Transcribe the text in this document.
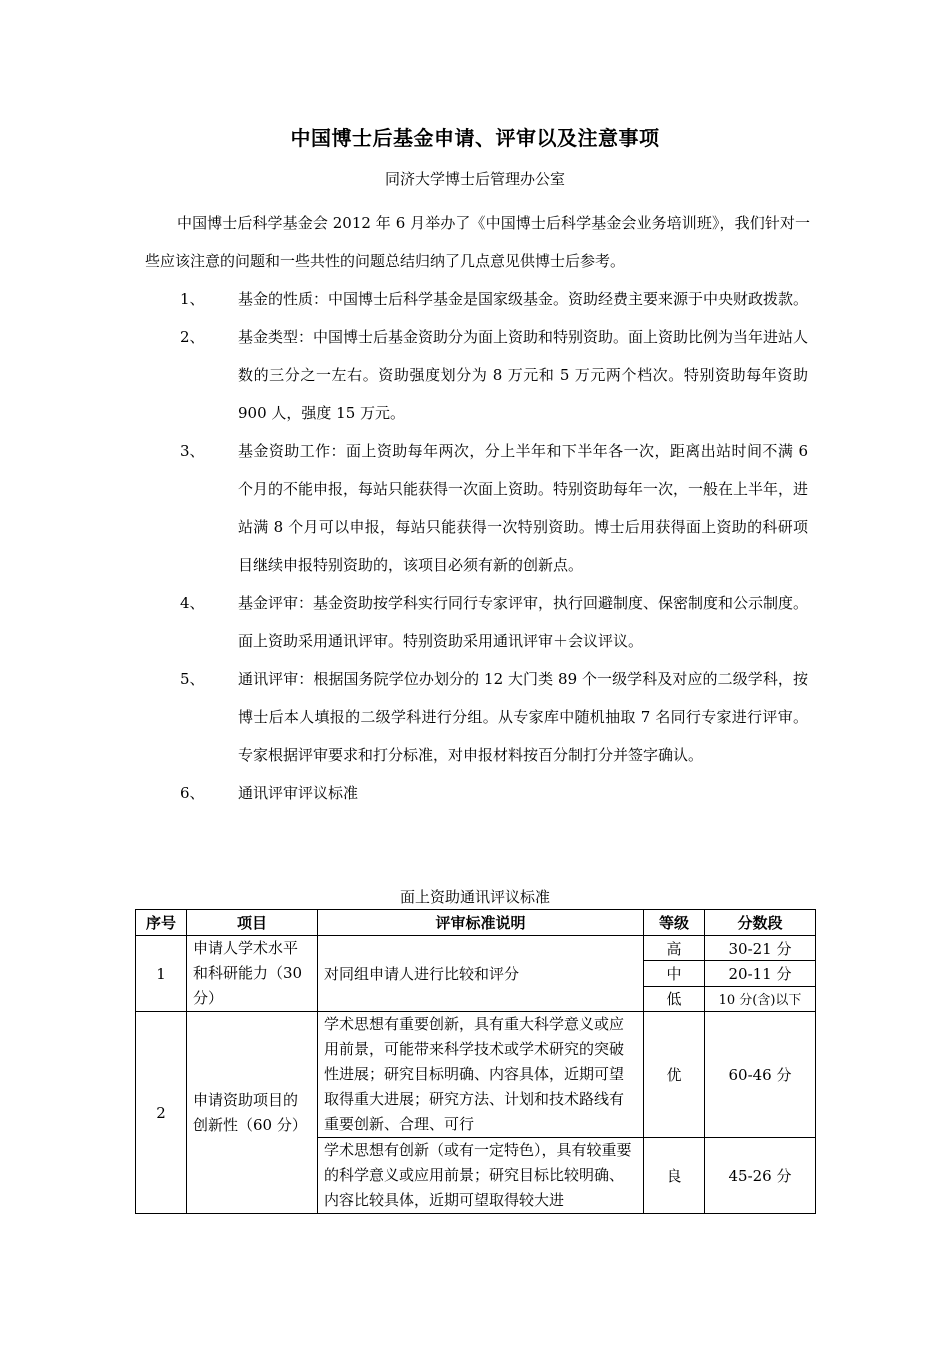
中国博士后基金申请、评审以及注意事项
同济大学博士后管理办公室
中国博士后科学基金会 2012 年 6 月举办了《中国博士后科学基金会业务培训班》，我们针对一些应该注意的问题和一些共性的问题总结归纳了几点意见供博士后参考。
1、 基金的性质：中国博士后科学基金是国家级基金。资助经费主要来源于中央财政拨款。
2、 基金类型：中国博士后基金资助分为面上资助和特别资助。面上资助比例为当年进站人数的三分之一左右。资助强度划分为 8 万元和 5 万元两个档次。特别资助每年资助 900 人，强度 15 万元。
3、 基金资助工作：面上资助每年两次，分上半年和下半年各一次，距离出站时间不满 6 个月的不能申报，每站只能获得一次面上资助。特别资助每年一次，一般在上半年，进站满 8 个月可以申报，每站只能获得一次特别资助。博士后用获得面上资助的科研项目继续申报特别资助的，该项目必须有新的创新点。
4、 基金评审：基金资助按学科实行同行专家评审，执行回避制度、保密制度和公示制度。面上资助采用通讯评审。特别资助采用通讯评审＋会议评议。
5、 通讯评审：根据国务院学位办划分的 12 大门类 89 个一级学科及对应的二级学科，按博士后本人填报的二级学科进行分组。从专家库中随机抽取 7 名同行专家进行评审。专家根据评审要求和打分标准，对申报材料按百分制打分并签字确认。
6、 通讯评审评议标准
面上资助通讯评议标准
序号	项目	评审标准说明	等级	分数段
1	申请人学术水平和科研能力（30 分）	对同组申请人进行比较和评分	高	30-21 分
			中	20-11 分
			低	10 分(含)以下
2	申请资助项目的创新性（60 分）	学术思想有重要创新，具有重大科学意义或应用前景，可能带来科学技术或学术研究的突破性进展；研究目标明确、内容具体，近期可望取得重大进展；研究方法、计划和技术路线有重要创新、合理、可行	优	60-46 分
		学术思想有创新（或有一定特色），具有较重要的科学意义或应用前景；研究目标比较明确、内容比较具体，近期可望取得较大进	良	45-26 分
